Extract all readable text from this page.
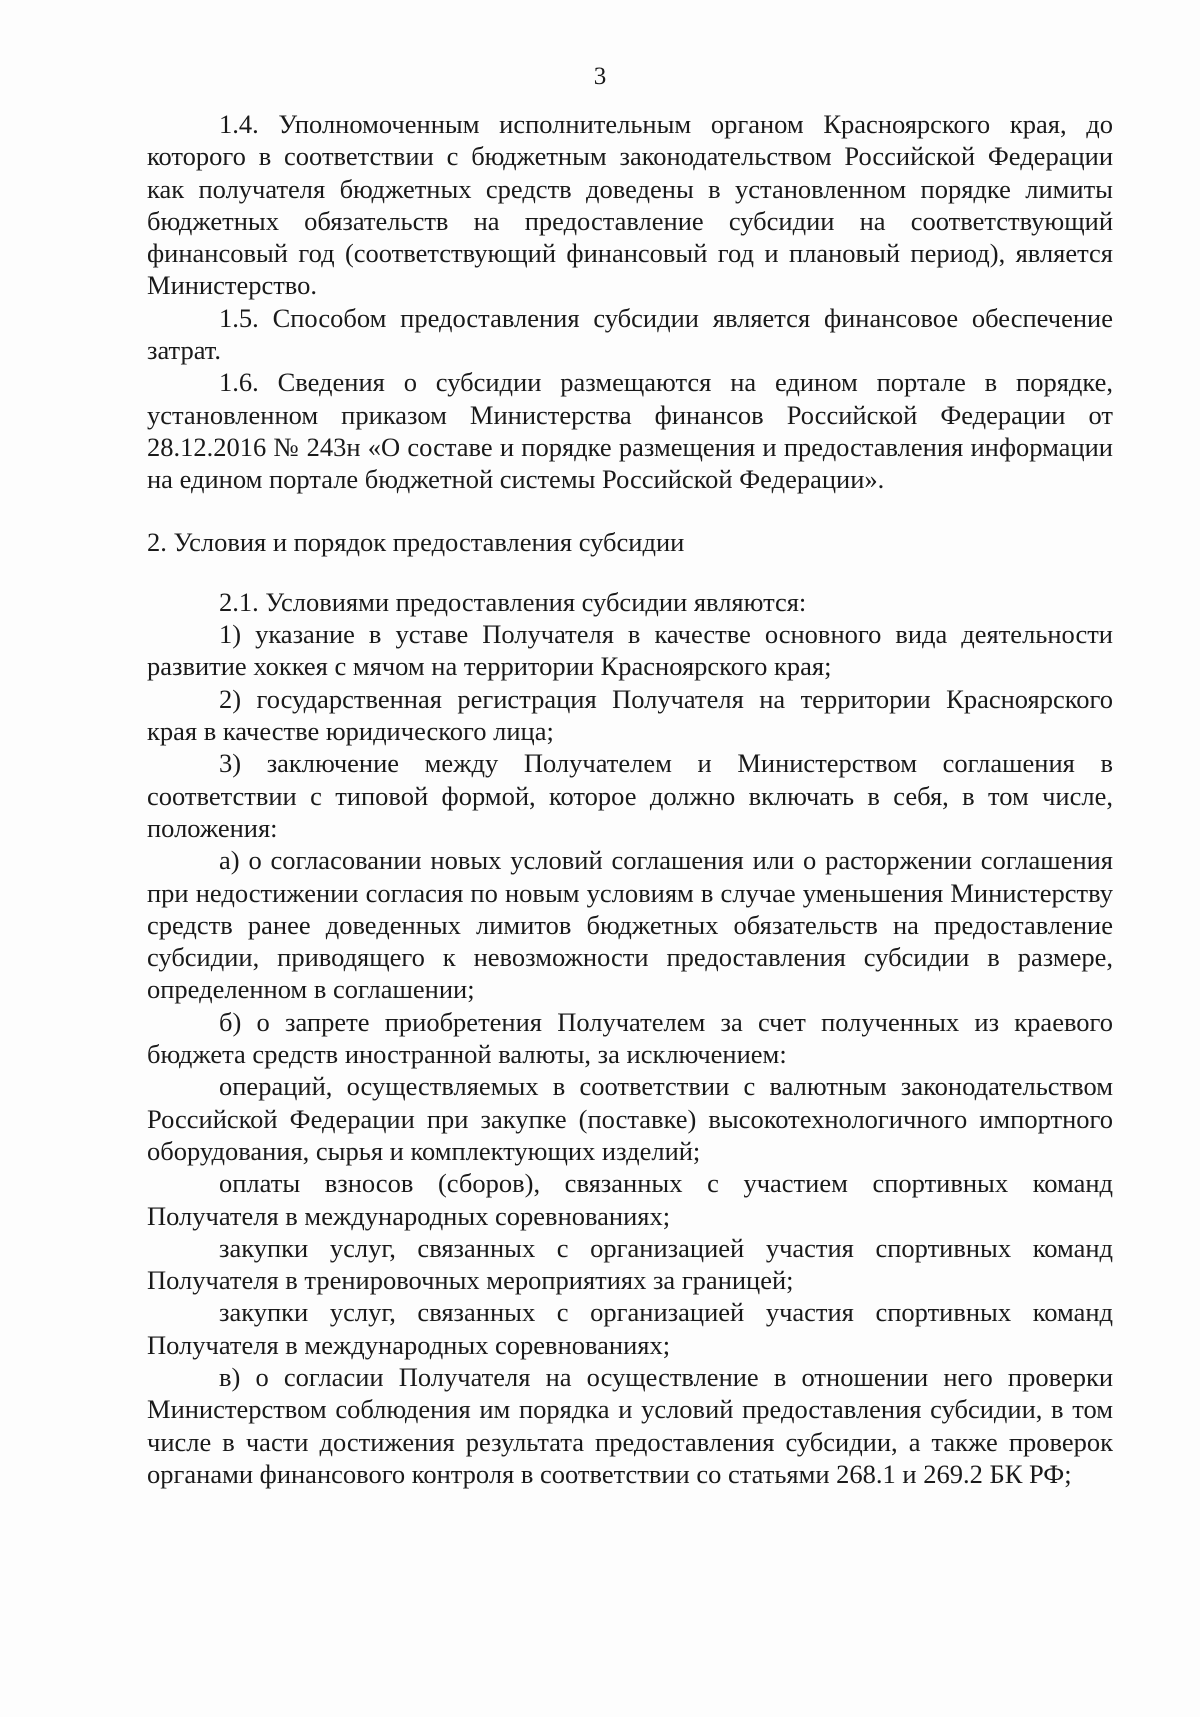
3

1.4. Уполномоченным исполнительным органом Красноярского края, до которого в соответствии с бюджетным законодательством Российской Федерации как получателя бюджетных средств доведены в установленном порядке лимиты бюджетных обязательств на предоставление субсидии на соответствующий финансовый год (соответствующий финансовый год и плановый период), является Министерство.

1.5. Способом предоставления субсидии является финансовое обеспечение затрат.

1.6. Сведения о субсидии размещаются на едином портале в порядке, установленном приказом Министерства финансов Российской Федерации от 28.12.2016 № 243н «О составе и порядке размещения и предоставления информации на едином портале бюджетной системы Российской Федерации».

2. Условия и порядок предоставления субсидии

2.1. Условиями предоставления субсидии являются:

1) указание в уставе Получателя в качестве основного вида деятельности развитие хоккея с мячом на территории Красноярского края;

2) государственная регистрация Получателя на территории Красноярского края в качестве юридического лица;

3) заключение между Получателем и Министерством соглашения в соответствии с типовой формой, которое должно включать в себя, в том числе, положения:

а) о согласовании новых условий соглашения или о расторжении соглашения при недостижении согласия по новым условиям в случае уменьшения Министерству средств ранее доведенных лимитов бюджетных обязательств на предоставление субсидии, приводящего к невозможности предоставления субсидии в размере, определенном в соглашении;

б) о запрете приобретения Получателем за счет полученных из краевого бюджета средств иностранной валюты, за исключением:

операций, осуществляемых в соответствии с валютным законодательством Российской Федерации при закупке (поставке) высокотехнологичного импортного оборудования, сырья и комплектующих изделий;

оплаты взносов (сборов), связанных с участием спортивных команд Получателя в международных соревнованиях;

закупки услуг, связанных с организацией участия спортивных команд Получателя в тренировочных мероприятиях за границей;

закупки услуг, связанных с организацией участия спортивных команд Получателя в международных соревнованиях;

в) о согласии Получателя на осуществление в отношении него проверки Министерством соблюдения им порядка и условий предоставления субсидии, в том числе в части достижения результата предоставления субсидии, а также проверок органами финансового контроля в соответствии со статьями 268.1 и 269.2 БК РФ;
